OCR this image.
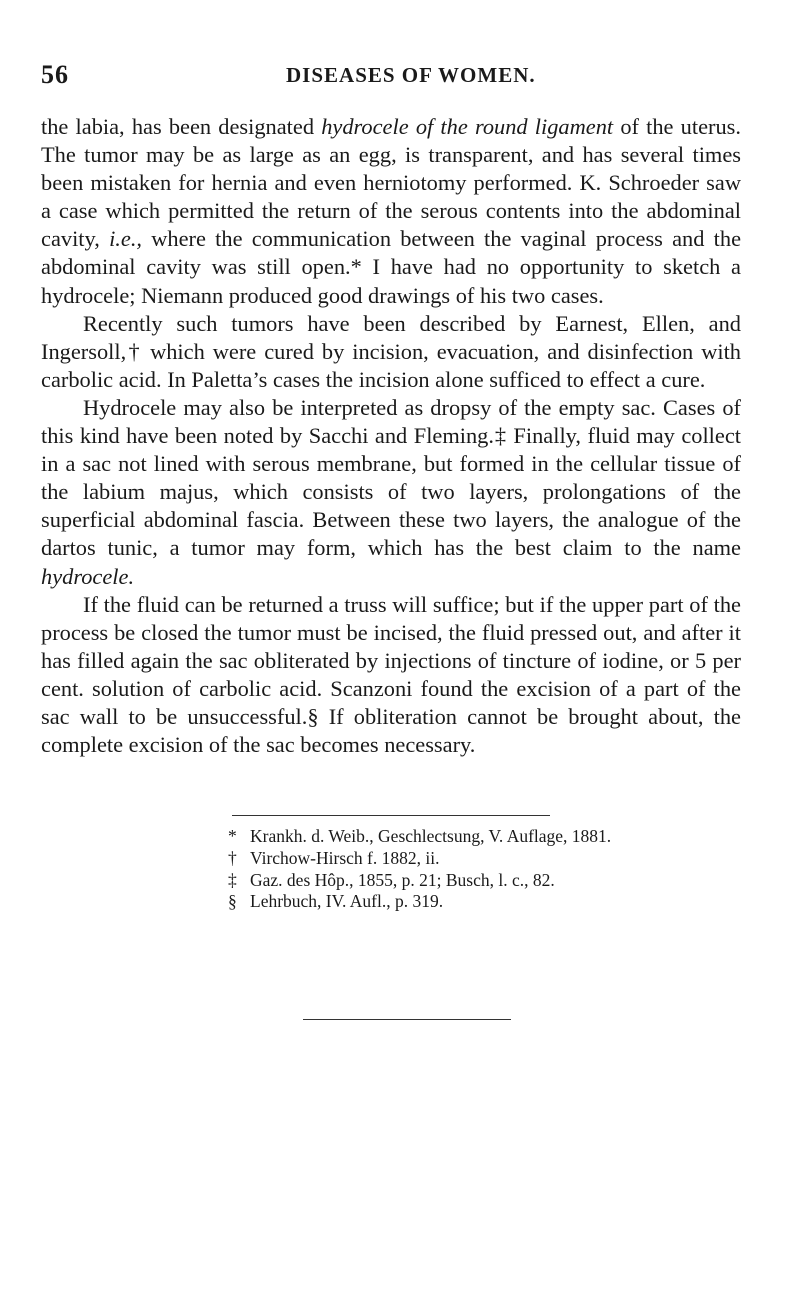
56	DISEASES OF WOMEN.

the labia, has been designated hydrocele of the round ligament of the uterus. The tumor may be as large as an egg, is transparent, and has several times been mistaken for hernia and even herniotomy performed. K. Schroeder saw a case which permitted the return of the serous contents into the abdominal cavity, i.e., where the communication between the vaginal process and the abdominal cavity was still open.* I have had no opportunity to sketch a hydrocele; Niemann produced good drawings of his two cases.

Recently such tumors have been described by Earnest, Ellen, and Ingersoll,† which were cured by incision, evacuation, and disinfection with carbolic acid. In Paletta’s cases the incision alone sufficed to effect a cure.

Hydrocele may also be interpreted as dropsy of the empty sac. Cases of this kind have been noted by Sacchi and Fleming.‡ Finally, fluid may collect in a sac not lined with serous membrane, but formed in the cellular tissue of the labium majus, which consists of two layers, prolongations of the superficial abdominal fascia. Between these two layers, the analogue of the dartos tunic, a tumor may form, which has the best claim to the name hydrocele.

If the fluid can be returned a truss will suffice; but if the upper part of the process be closed the tumor must be incised, the fluid pressed out, and after it has filled again the sac obliterated by injections of tincture of iodine, or 5 per cent. solution of carbolic acid. Scanzoni found the excision of a part of the sac wall to be unsuccessful.§ If obliteration cannot be brought about, the complete excision of the sac becomes necessary.

* Krankh. d. Weib., Geschlectsung, V. Auflage, 1881.
† Virchow-Hirsch f. 1882, ii.
‡ Gaz. des Hôp., 1855, p. 21; Busch, l. c., 82.
§ Lehrbuch, IV. Aufl., p. 319.
